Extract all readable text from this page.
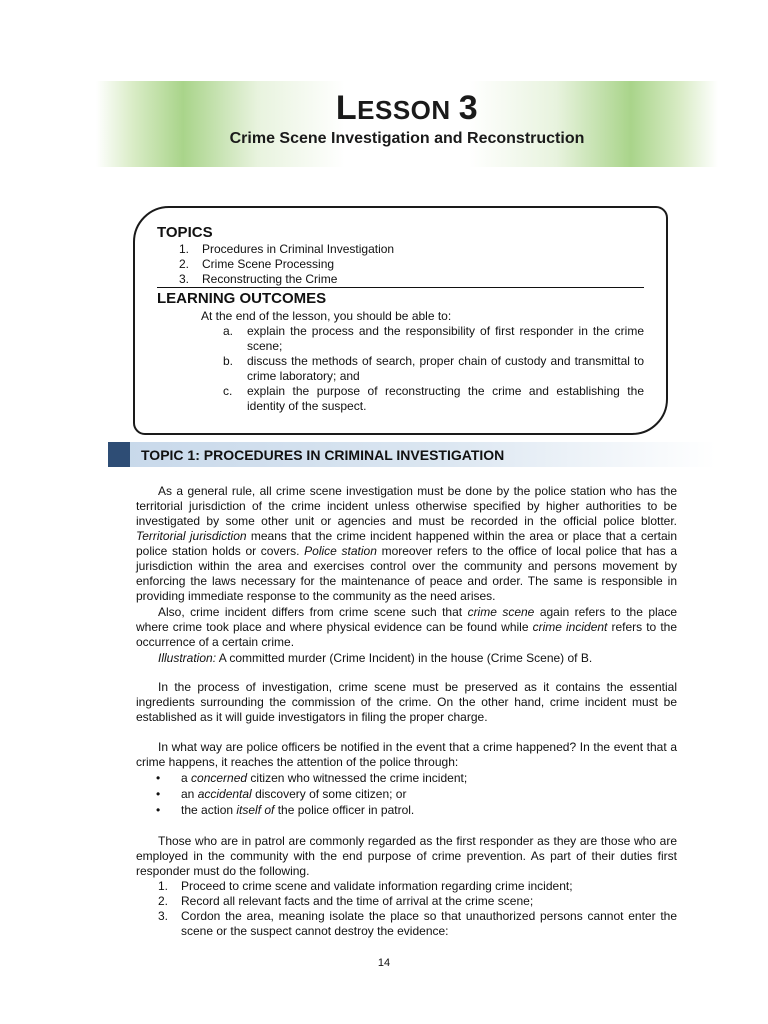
LESSON 3
Crime Scene Investigation and Reconstruction
TOPICS
1. Procedures in Criminal Investigation
2. Crime Scene Processing
3. Reconstructing the Crime
LEARNING OUTCOMES
At the end of the lesson, you should be able to:
a. explain the process and the responsibility of first responder in the crime scene;
b. discuss the methods of search, proper chain of custody and transmittal to crime laboratory; and
c. explain the purpose of reconstructing the crime and establishing the identity of the suspect.
TOPIC 1: PROCEDURES IN CRIMINAL INVESTIGATION
As a general rule, all crime scene investigation must be done by the police station who has the territorial jurisdiction of the crime incident unless otherwise specified by higher authorities to be investigated by some other unit or agencies and must be recorded in the official police blotter. Territorial jurisdiction means that the crime incident happened within the area or place that a certain police station holds or covers. Police station moreover refers to the office of local police that has a jurisdiction within the area and exercises control over the community and persons movement by enforcing the laws necessary for the maintenance of peace and order. The same is responsible in providing immediate response to the community as the need arises.
Also, crime incident differs from crime scene such that crime scene again refers to the place where crime took place and where physical evidence can be found while crime incident refers to the occurrence of a certain crime.
Illustration: A committed murder (Crime Incident) in the house (Crime Scene) of B.
In the process of investigation, crime scene must be preserved as it contains the essential ingredients surrounding the commission of the crime. On the other hand, crime incident must be established as it will guide investigators in filing the proper charge.
In what way are police officers be notified in the event that a crime happened? In the event that a crime happens, it reaches the attention of the police through:
• a concerned citizen who witnessed the crime incident;
• an accidental discovery of some citizen; or
• the action itself of the police officer in patrol.
Those who are in patrol are commonly regarded as the first responder as they are those who are employed in the community with the end purpose of crime prevention. As part of their duties first responder must do the following.
1. Proceed to crime scene and validate information regarding crime incident;
2. Record all relevant facts and the time of arrival at the crime scene;
3. Cordon the area, meaning isolate the place so that unauthorized persons cannot enter the scene or the suspect cannot destroy the evidence:
14
